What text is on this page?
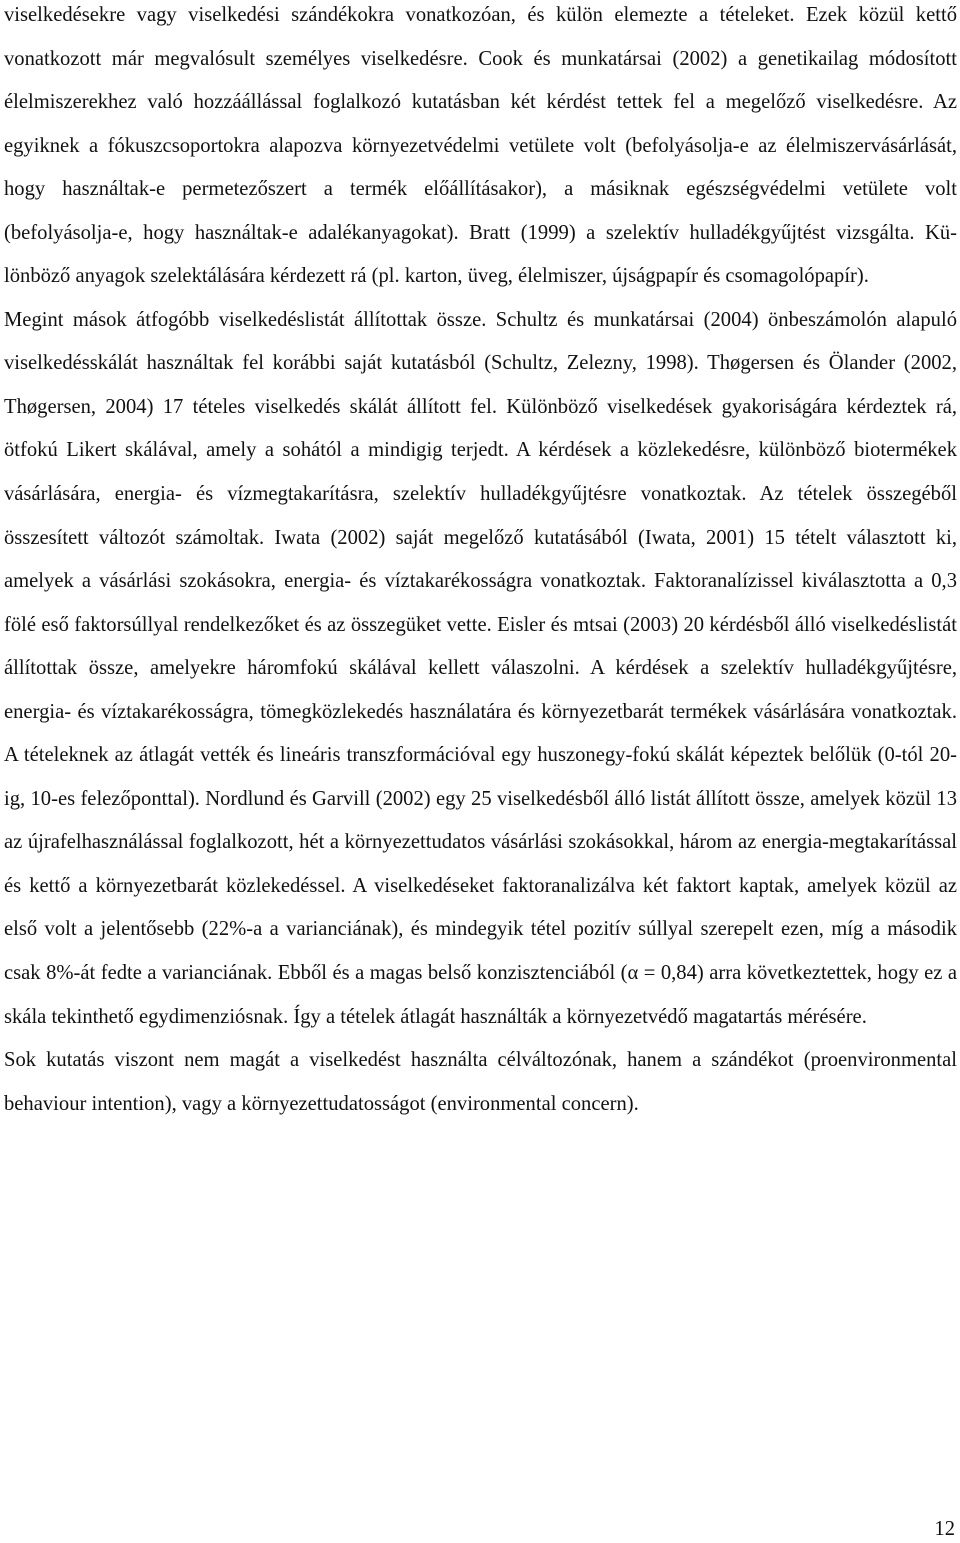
viselkedésekre vagy viselkedési szándékokra vonatkozóan, és külön elemezte a tételeket. Ezek közül kettő vonatkozott már megvalósult személyes viselkedésre. Cook és munkatársai (2002) a genetikailag módosított élelmiszerekhez való hozzáállással foglalkozó kutatásban két kérdést tettek fel a megelőző viselkedésre. Az egyiknek a fókuszcsoportokra alapozva környezetvédelmi vetülete volt (befolyásolja-e az élelmiszervásárlását, hogy használtak-e permetezőszert a termék előállításakor), a másiknak egészségvédelmi vetülete volt (befolyásolja-e, hogy használtak-e adalékanyagokat). Bratt (1999) a szelektív hulladékgyűjtést vizsgálta. Különböző anyagok szelektálására kérdezett rá (pl. karton, üveg, élelmiszer, újságpapír és csomagolópapír).

Megint mások átfogóbb viselkedéslistát állítottak össze. Schultz és munkatársai (2004) önbeszámolón alapuló viselkedésskálát használtak fel korábbi saját kutatásból (Schultz, Zelezny, 1998). Thøgersen és Ölander (2002, Thøgersen, 2004) 17 tételes viselkedés skálát állított fel. Különböző viselkedések gyakoriságára kérdeztek rá, ötfokú Likert skálával, amely a sohától a mindigig terjedt. A kérdések a közlekedésre, különböző biotermékek vásárlására, energia- és vízmegtakarításra, szelektív hulladékgyűjtésre vonatkoztak. Az tételek összegéből összesített változót számoltak. Iwata (2002) saját megelőző kutatásából (Iwata, 2001) 15 tételt választott ki, amelyek a vásárlási szokásokra, energia- és víztakarékosságra vonatkoztak. Faktoranalízissel kiválasztotta a 0,3 fölé eső faktorsúllyal rendelkezőket és az összegüket vette. Eisler és mtsai (2003) 20 kérdésből álló viselkedéslistát állítottak össze, amelyekre háromfokú skálával kellett válaszolni. A kérdések a szelektív hulladékgyűjtésre, energia- és víztakarékosságra, tömegközlekedés használatára és környezetbarát termékek vásárlására vonatkoztak. A tételeknek az átlagát vették és lineáris transzformációval egy huszonegy-fokú skálát képeztek belőlük (0-tól 20-ig, 10-es felezőponttal). Nordlund és Garvill (2002) egy 25 viselkedésből álló listát állított össze, amelyek közül 13 az újrafelhasználással foglalkozott, hét a környezettudatos vásárlási szokásokkal, három az energia-megtakarítással és kettő a környezetbarát közlekedéssel. A viselkedéseket faktoranalizálva két faktort kaptak, amelyek közül az első volt a jelentősebb (22%-a a varianciának), és mindegyik tétel pozitív súllyal szerepelt ezen, míg a második csak 8%-át fedte a varianciának. Ebből és a magas belső konzisztenciából (α = 0,84) arra következtettek, hogy ez a skála tekinthető egydimenziósnak. Így a tételek átlagát használták a környezetvédő magatartás mérésére.

Sok kutatás viszont nem magát a viselkedést használta célváltozónak, hanem a szándékot (proenvironmental behaviour intention), vagy a környezettudatosságot (environmental concern).

12
